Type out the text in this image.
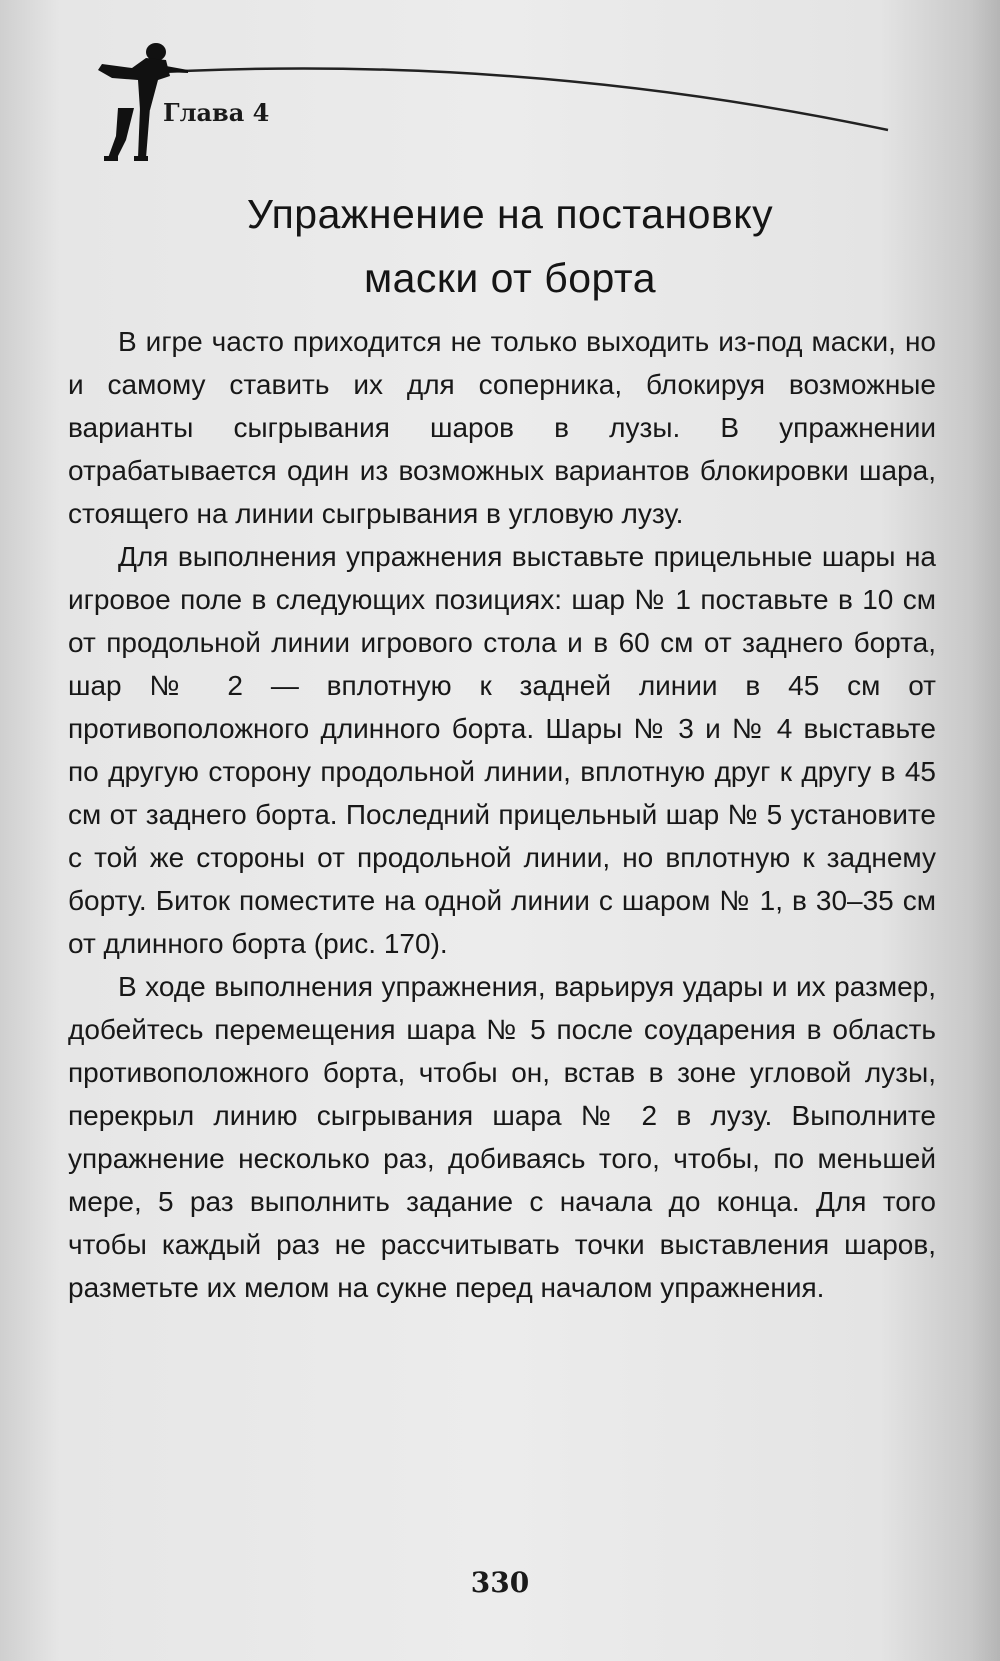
Глава 4
Упражнение на постановку
маски от борта

В игре часто приходится не только выходить из-под маски, но и самому ставить их для соперника, блокируя возможные варианты сыгрывания шаров в лузы. В упражнении отрабатывается один из возможных вариантов блокировки шара, стоящего на линии сыгрывания в угловую лузу.

Для выполнения упражнения выставьте прицельные шары на игровое поле в следующих позициях: шар № 1 поставьте в 10 см от продольной линии игрового стола и в 60 см от заднего борта, шар № 2 — вплотную к задней линии в 45 см от противоположного длинного борта. Шары № 3 и № 4 выставьте по другую сторону продольной линии, вплотную друг к другу в 45 см от заднего борта. Последний прицельный шар № 5 установите с той же стороны от продольной линии, но вплотную к заднему борту. Биток поместите на одной линии с шаром № 1, в 30–35 см от длинного борта (рис. 170).

В ходе выполнения упражнения, варьируя удары и их размер, добейтесь перемещения шара № 5 после соударения в область противоположного борта, чтобы он, встав в зоне угловой лузы, перекрыл линию сыгрывания шара № 2 в лузу. Выполните упражнение несколько раз, добиваясь того, чтобы, по меньшей мере, 5 раз выполнить задание с начала до конца. Для того чтобы каждый раз не рассчитывать точки выставления шаров, разметьте их мелом на сукне перед началом упражнения.

330
